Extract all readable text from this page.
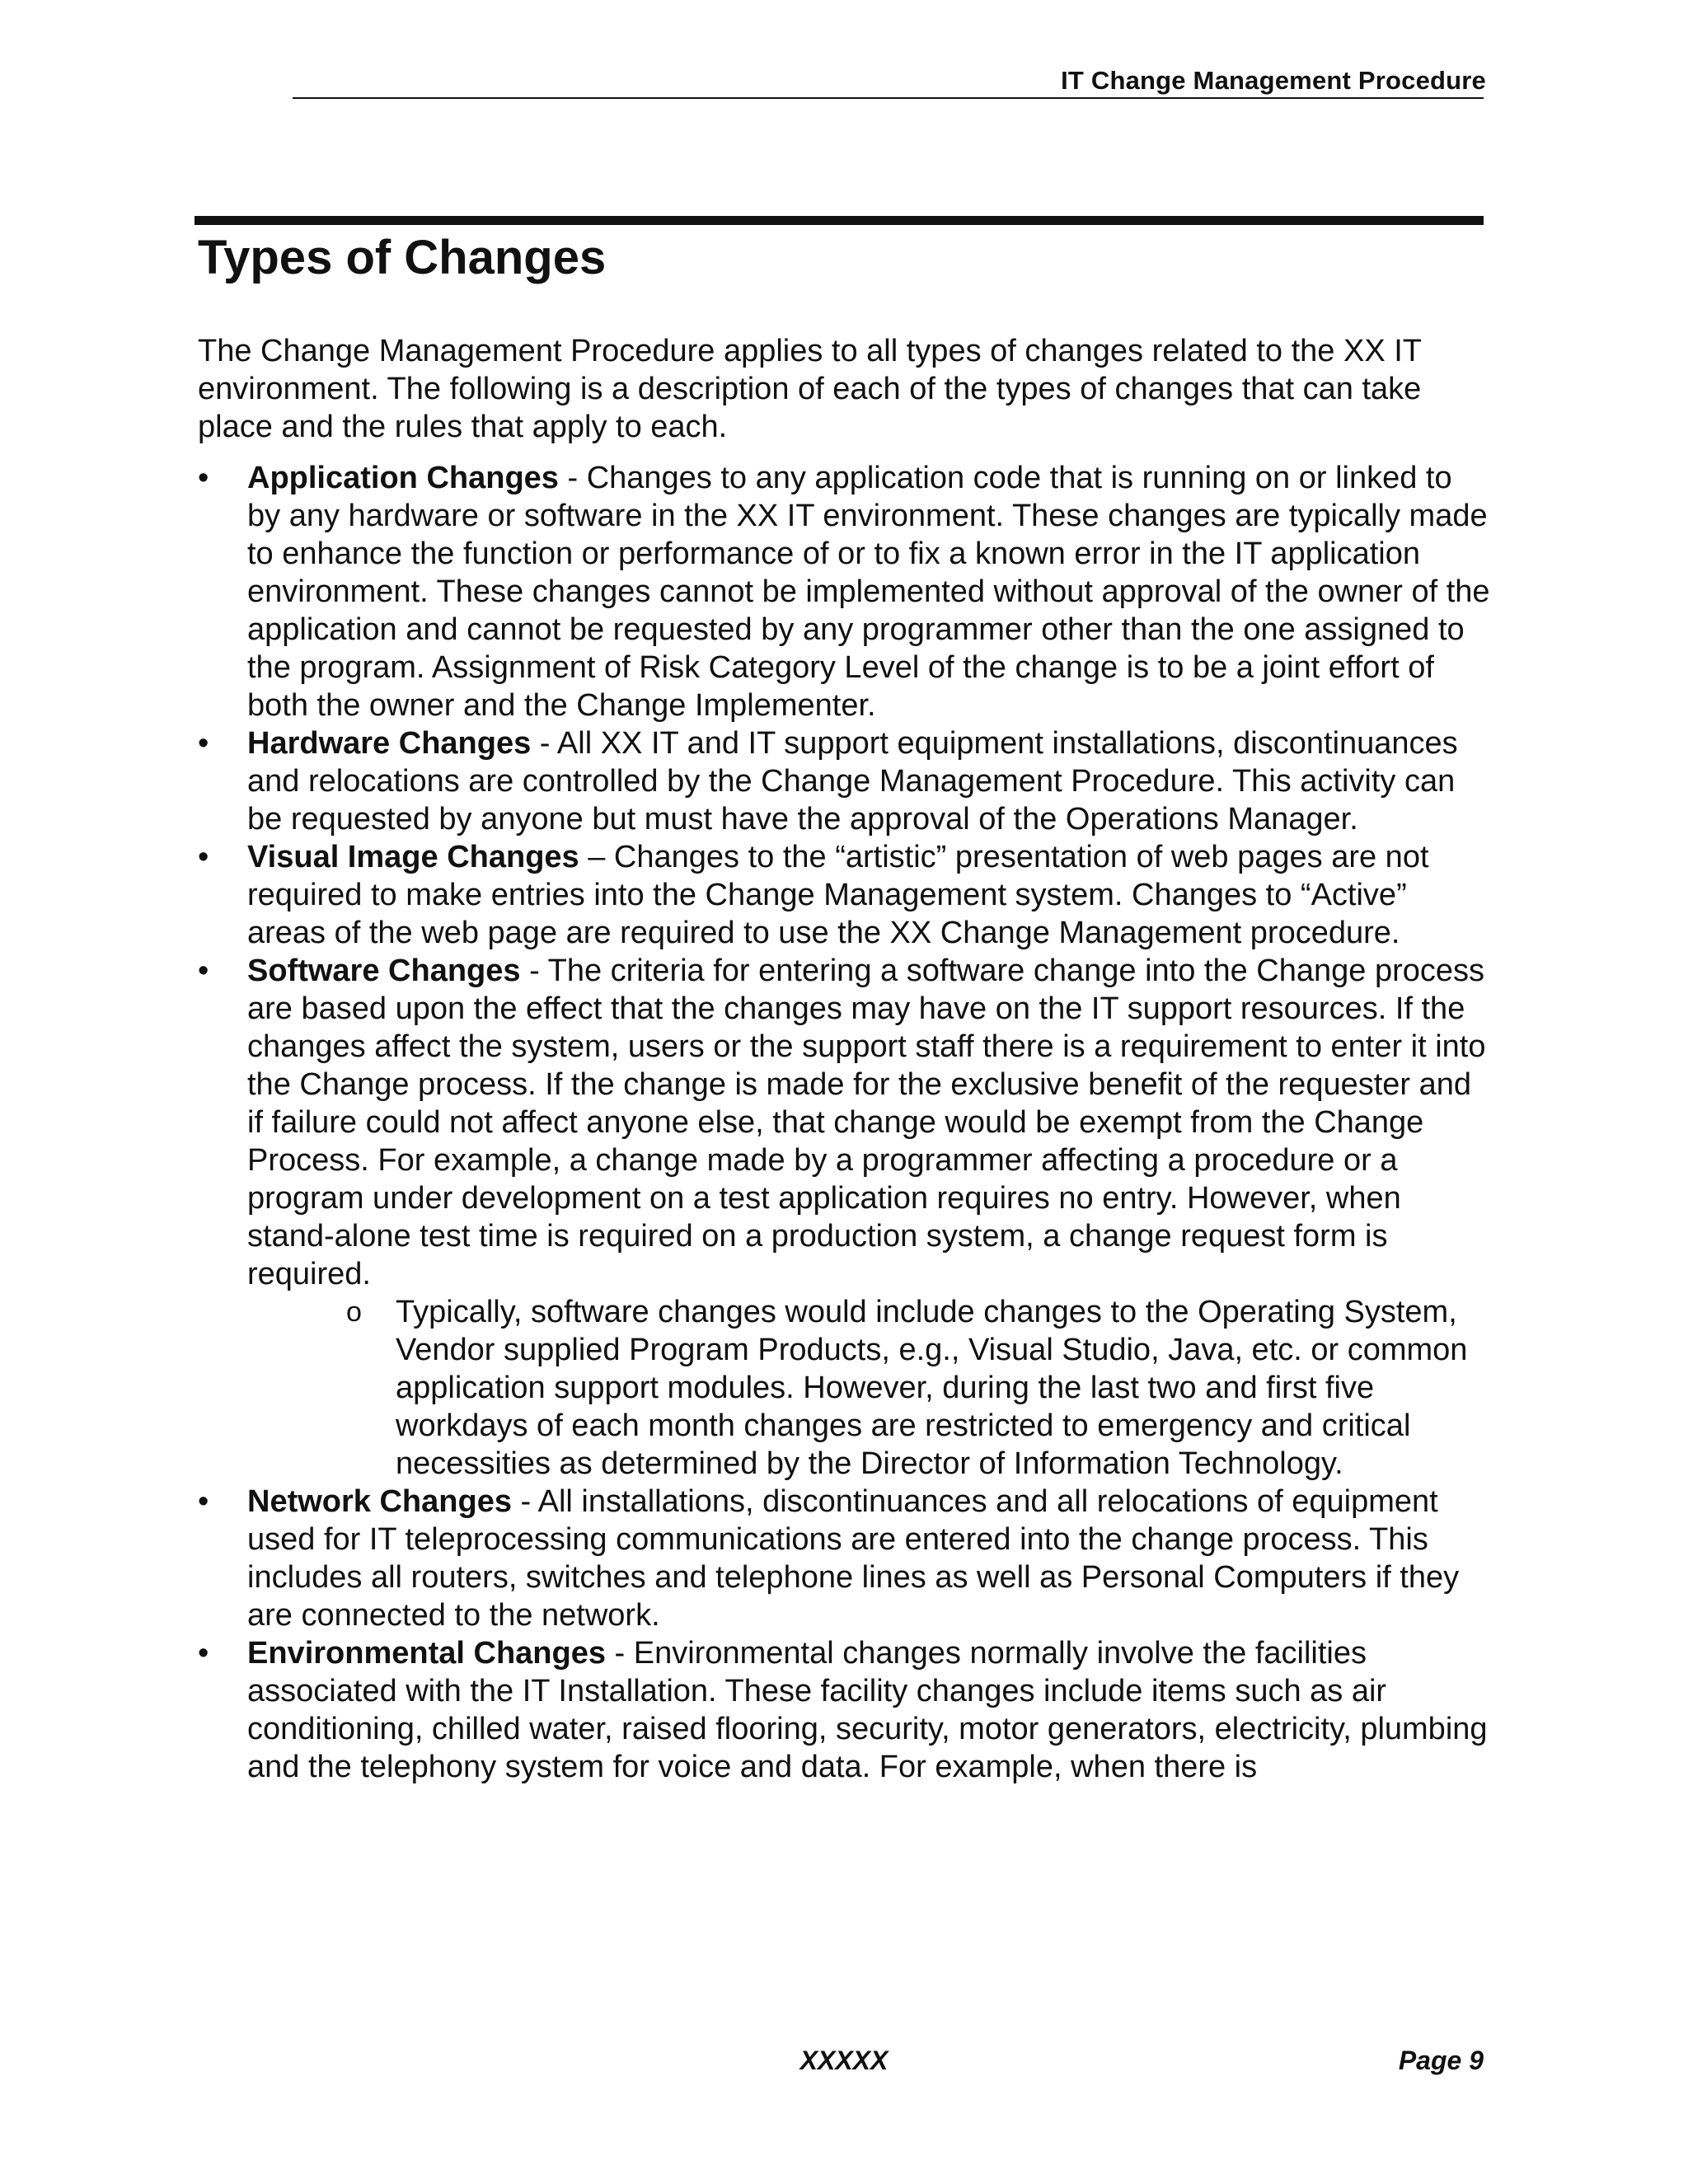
IT Change Management Procedure
Types of Changes

The Change Management Procedure applies to all types of changes related to the XX IT environment. The following is a description of each of the types of changes that can take place and the rules that apply to each.

•	Application Changes - Changes to any application code that is running on or linked to by any hardware or software in the XX IT environment. These changes are typically made to enhance the function or performance of or to fix a known error in the IT application environment. These changes cannot be implemented without approval of the owner of the application and cannot be requested by any programmer other than the one assigned to the program. Assignment of Risk Category Level of the change is to be a joint effort of both the owner and the Change Implementer.
•	Hardware Changes - All XX IT and IT support equipment installations, discontinuances and relocations are controlled by the Change Management Procedure. This activity can be requested by anyone but must have the approval of the Operations Manager.
•	Visual Image Changes – Changes to the “artistic” presentation of web pages are not required to make entries into the Change Management system. Changes to “Active” areas of the web page are required to use the XX Change Management procedure.
•	Software Changes - The criteria for entering a software change into the Change process are based upon the effect that the changes may have on the IT support resources. If the changes affect the system, users or the support staff there is a requirement to enter it into the Change process. If the change is made for the exclusive benefit of the requester and if failure could not affect anyone else, that change would be exempt from the Change Process. For example, a change made by a programmer affecting a procedure or a program under development on a test application requires no entry. However, when stand-alone test time is required on a production system, a change request form is required.
o Typically, software changes would include changes to the Operating System, Vendor supplied Program Products, e.g., Visual Studio, Java, etc. or common application support modules. However, during the last two and first five workdays of each month changes are restricted to emergency and critical necessities as determined by the Director of Information Technology.
•	Network Changes - All installations, discontinuances and all relocations of equipment used for IT teleprocessing communications are entered into the change process. This includes all routers, switches and telephone lines as well as Personal Computers if they are connected to the network.
•	Environmental Changes - Environmental changes normally involve the facilities associated with the IT Installation. These facility changes include items such as air conditioning, chilled water, raised flooring, security, motor generators, electricity, plumbing and the telephony system for voice and data. For example, when there is
XXXXX	Page 9
